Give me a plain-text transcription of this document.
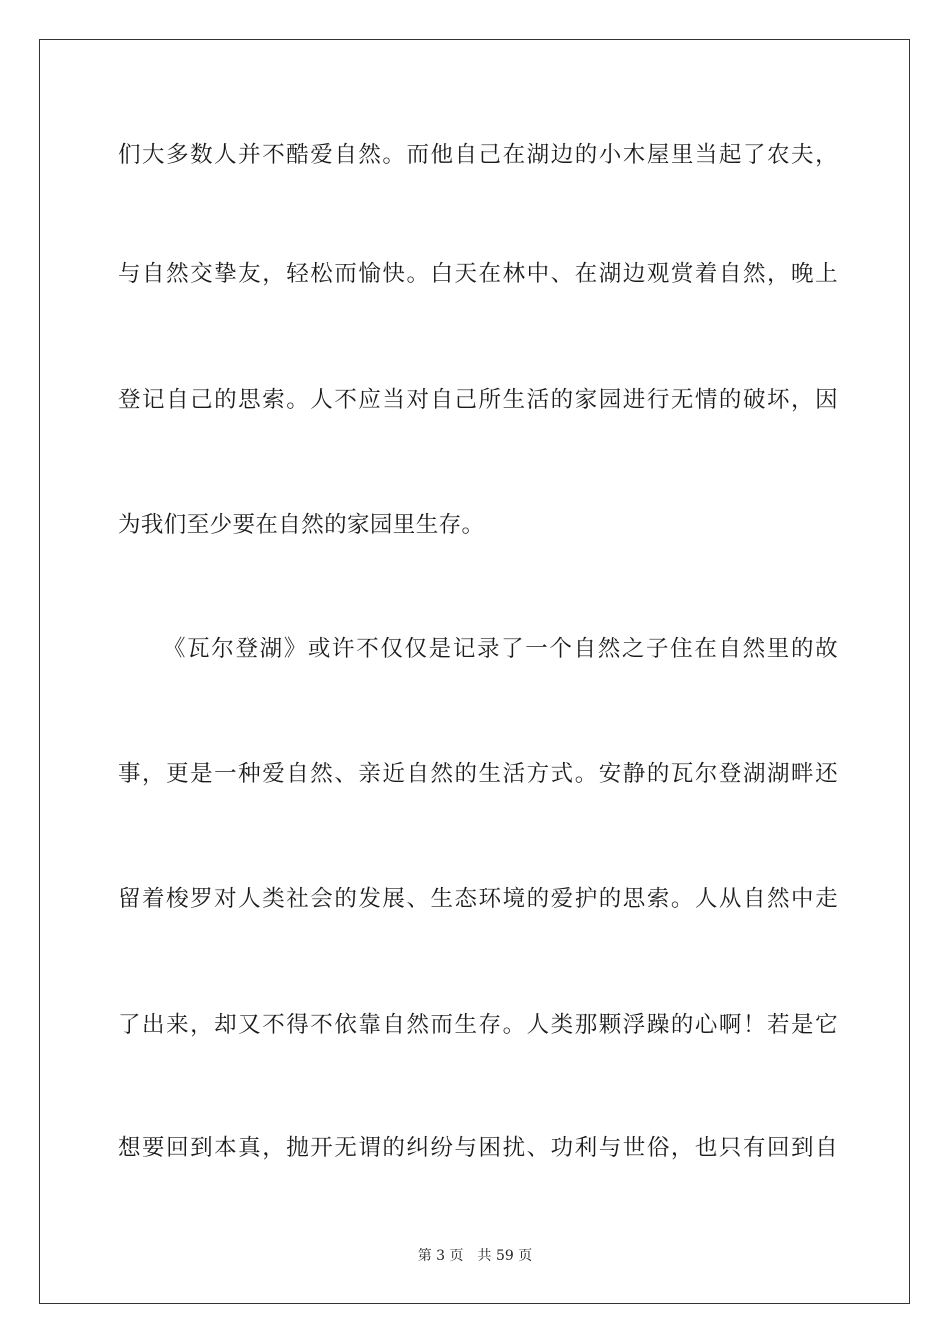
们大多数人并不酷爱自然。而他自己在湖边的小木屋里当起了农夫，
与自然交挚友，轻松而愉快。白天在林中、在湖边观赏着自然，晚上
登记自己的思索。人不应当对自己所生活的家园进行无情的破坏，因
为我们至少要在自然的家园里生存。
《瓦尔登湖》或许不仅仅是记录了一个自然之子住在自然里的故
事，更是一种爱自然、亲近自然的生活方式。安静的瓦尔登湖湖畔还
留着梭罗对人类社会的发展、生态环境的爱护的思索。人从自然中走
了出来，却又不得不依靠自然而生存。人类那颗浮躁的心啊！若是它
想要回到本真，抛开无谓的纠纷与困扰、功利与世俗，也只有回到自
第 3 页　共 59 页
